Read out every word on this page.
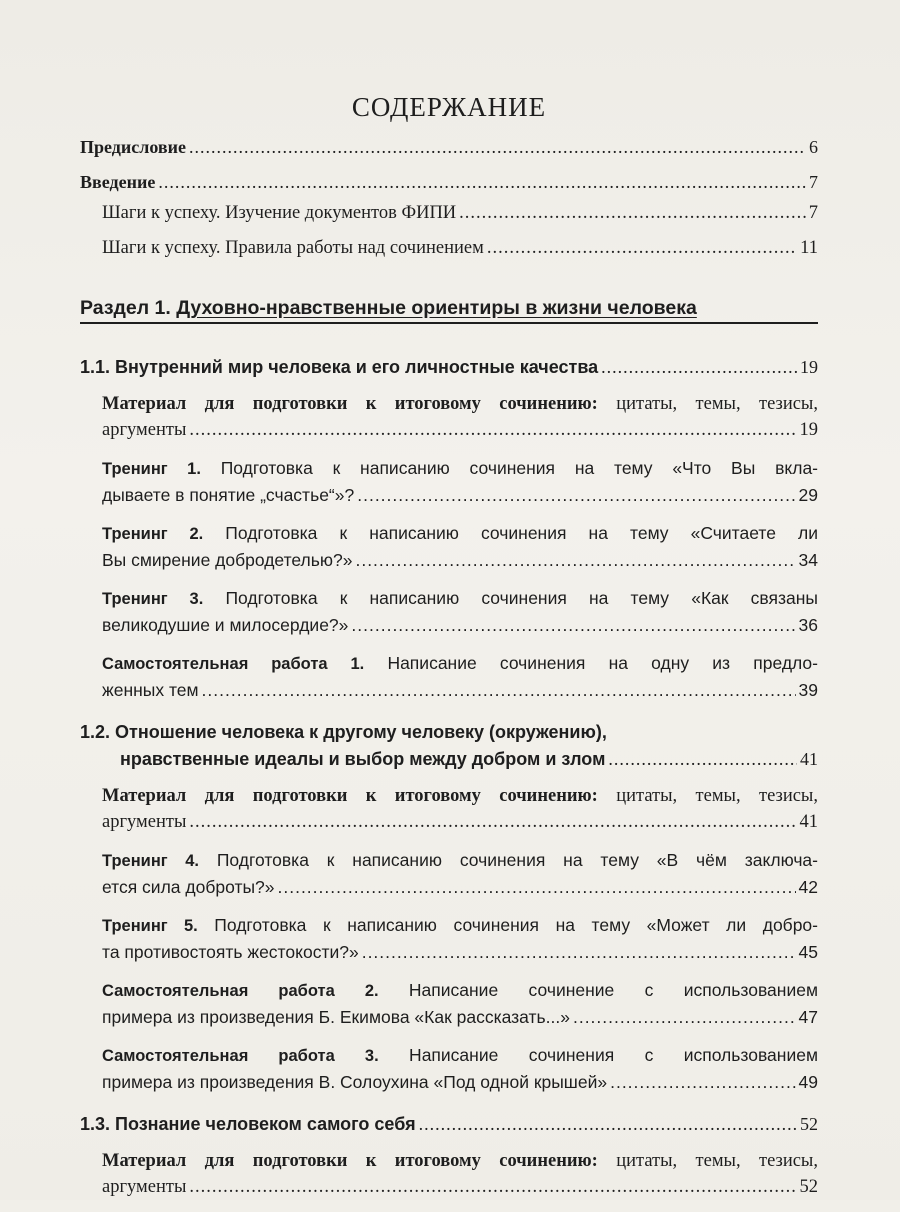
СОДЕРЖАНИЕ
Предисловие .....	6
Введение .....	7
Шаги к успеху. Изучение документов ФИПИ .....	7
Шаги к успеху. Правила работы над сочинением .....	11
Раздел 1. Духовно-нравственные ориентиры в жизни человека
1.1. Внутренний мир человека и его личностные качества .....	19
Материал для подготовки к итоговому сочинению: цитаты, темы, тезисы,
аргументы .....	19
Тренинг 1. Подготовка к написанию сочинения на тему «Что Вы вкла-
дываете в понятие „счастье“»? .....	29
Тренинг 2. Подготовка к написанию сочинения на тему «Считаете ли
Вы смирение добродетелью?» .....	34
Тренинг 3. Подготовка к написанию сочинения на тему «Как связаны
великодушие и милосердие?» .....	36
Самостоятельная работа 1. Написание сочинения на одну из предло-
женных тем .....	39
1.2. Отношение человека к другому человеку (окружению),
нравственные идеалы и выбор между добром и злом .....	41
Материал для подготовки к итоговому сочинению: цитаты, темы, тезисы,
аргументы .....	41
Тренинг 4. Подготовка к написанию сочинения на тему «В чём заключа-
ется сила доброты?» .....	42
Тренинг 5. Подготовка к написанию сочинения на тему «Может ли добро-
та противостоять жестокости?» .....	45
Самостоятельная работа 2. Написание сочинение с использованием
примера из произведения Б. Екимова «Как рассказать...» .....	47
Самостоятельная работа 3. Написание сочинения с использованием
примера из произведения В. Солоухина «Под одной крышей» .....	49
1.3. Познание человеком самого себя .....	52
Материал для подготовки к итоговому сочинению: цитаты, темы, тезисы,
аргументы .....	52
